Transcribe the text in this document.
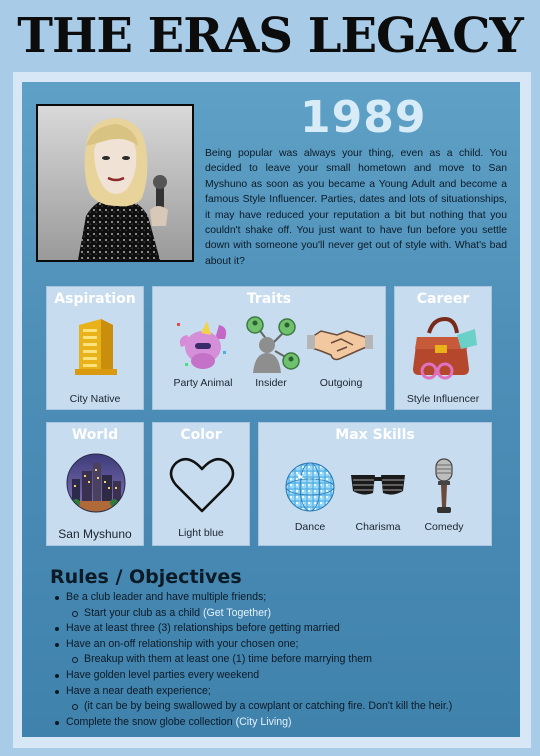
THE ERAS LEGACY
1989
Being popular was always your thing, even as a child. You decided to leave your small hometown and move to San Myshuno as soon as you became a Young Adult and become a famous Style Influencer. Parties, dates and lots of situationships, it may have reduced your reputation a bit but nothing that you couldn't shake off. You just want to have fun before you settle down with someone you'll never get out of style with. What's bad about it?
Aspiration
City Native
Traits
Party Animal	Insider	Outgoing
Career
Style Influencer
World
San Myshuno
Color
Light blue
Max Skills
Dance	Charisma	Comedy
Rules / Objectives
Be a club leader and have multiple friends;
Start your club as a child (Get Together)
Have at least three (3) relationships before getting married
Have an on-off relationship with your chosen one;
Breakup with them at least one (1) time before marrying them
Have golden level parties every weekend
Have a near death experience;
(it can be by being swallowed by a cowplant or catching fire. Don't kill the heir.)
Complete the snow globe collection (City Living)
